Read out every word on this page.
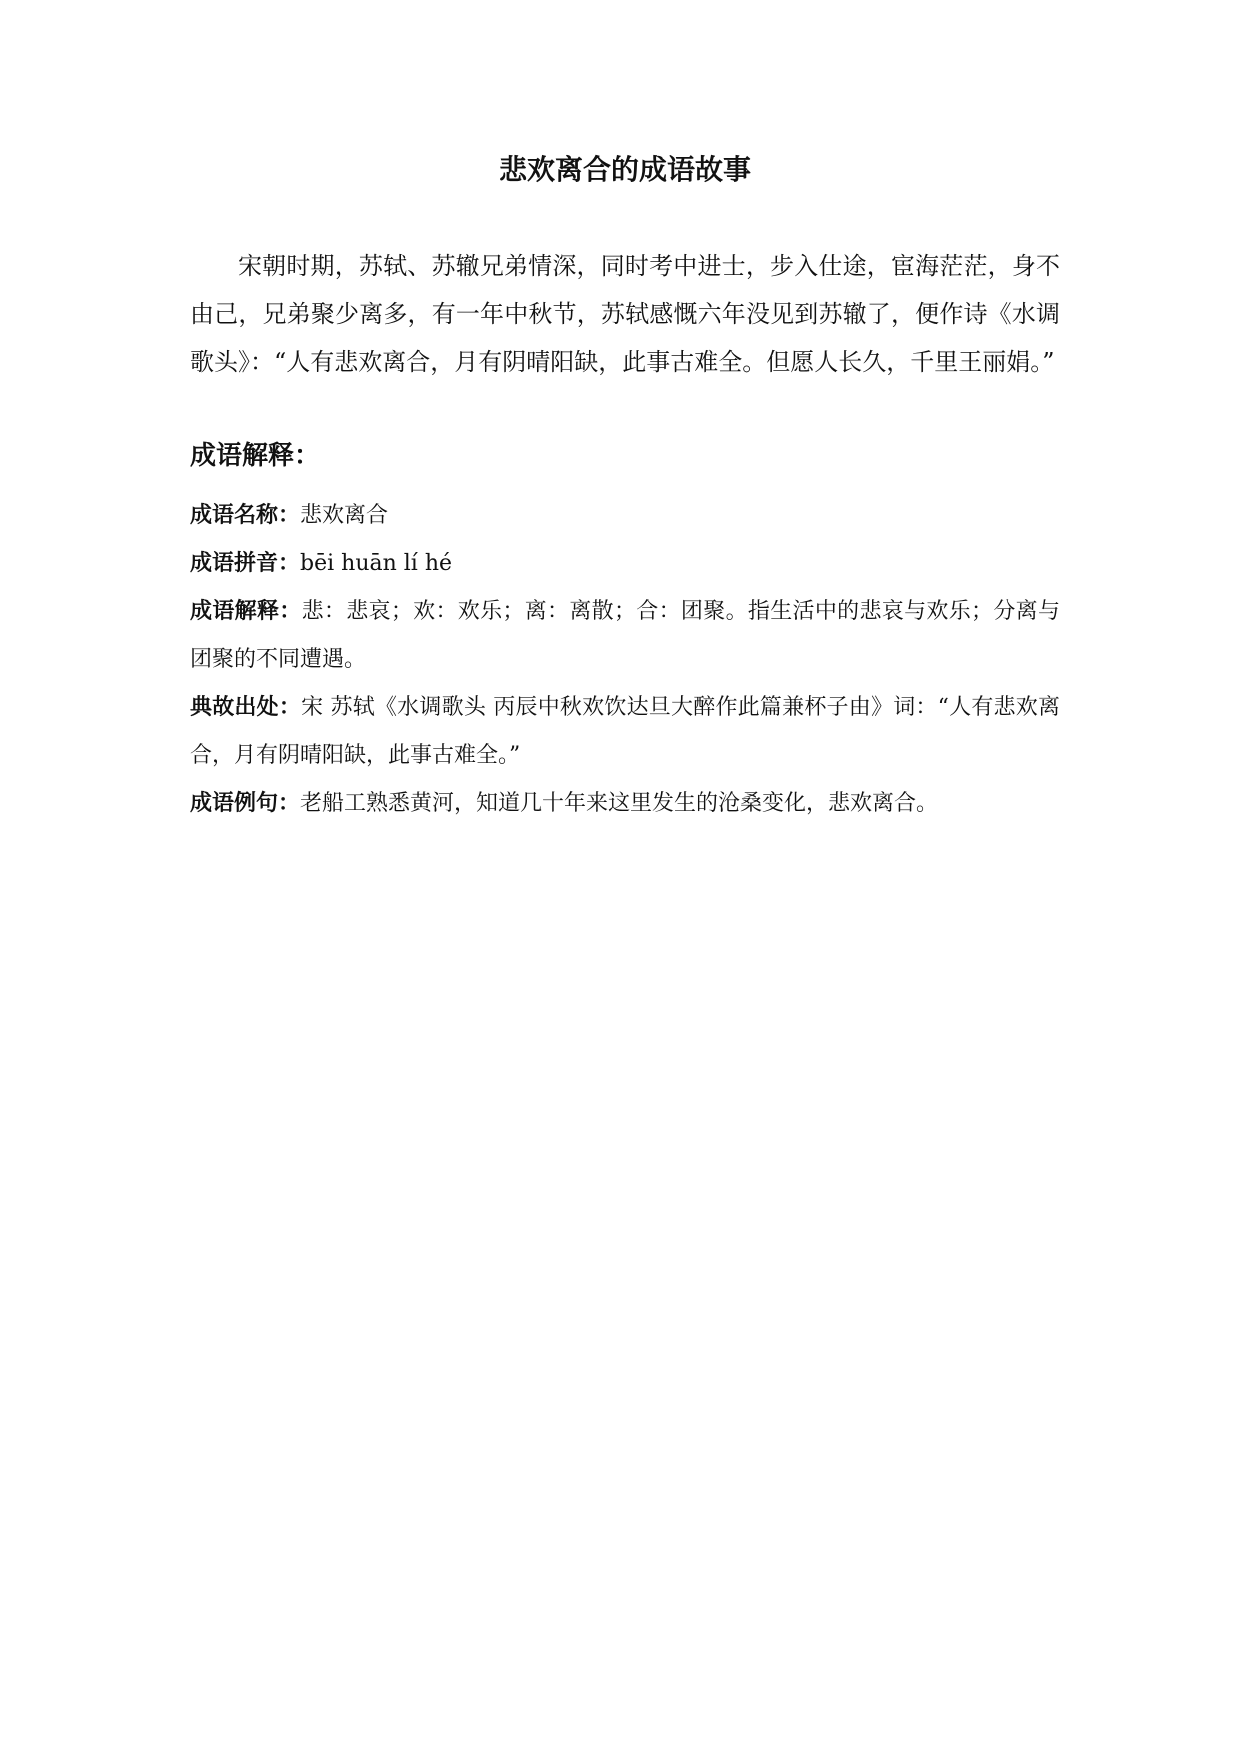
悲欢离合的成语故事

宋朝时期，苏轼、苏辙兄弟情深，同时考中进士，步入仕途，宦海茫茫，身不由己，兄弟聚少离多，有一年中秋节，苏轼感慨六年没见到苏辙了，便作诗《水调歌头》：“人有悲欢离合，月有阴晴阳缺，此事古难全。但愿人长久，千里王丽娟。”

成语解释：

成语名称：悲欢离合

成语拼音：bēi huān lí hé

成语解释：悲：悲哀；欢：欢乐；离：离散；合：团聚。指生活中的悲哀与欢乐；分离与团聚的不同遭遇。

典故出处：宋 苏轼《水调歌头 丙辰中秋欢饮达旦大醉作此篇兼杯子由》词：“人有悲欢离合，月有阴晴阳缺，此事古难全。”

成语例句：老船工熟悉黄河，知道几十年来这里发生的沧桑变化，悲欢离合。
